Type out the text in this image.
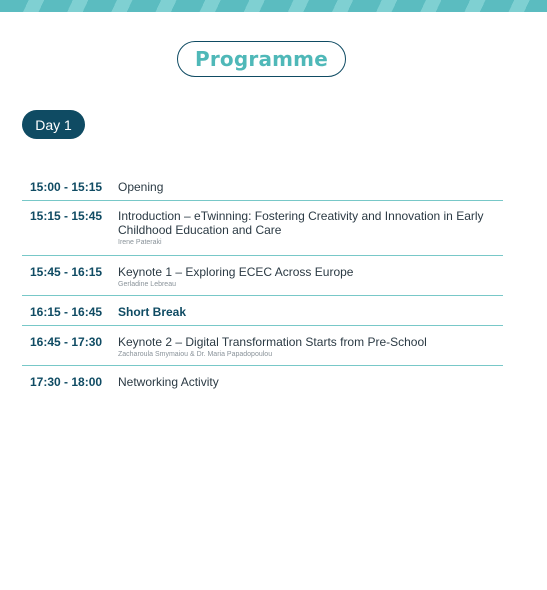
Programme
Day 1
15:00 - 15:15	Opening
15:15 - 15:45	Introduction – eTwinning: Fostering Creativity and Innovation in Early Childhood Education and Care
Irene Pateraki
15:45 - 16:15	Keynote 1 – Exploring ECEC Across Europe
Gerladine Lebreau
16:15 - 16:45	Short Break
16:45 - 17:30	Keynote 2 – Digital Transformation Starts from Pre-School
Zacharoula Smymaiou & Dr. Maria Papadopoulou
17:30 - 18:00	Networking Activity
